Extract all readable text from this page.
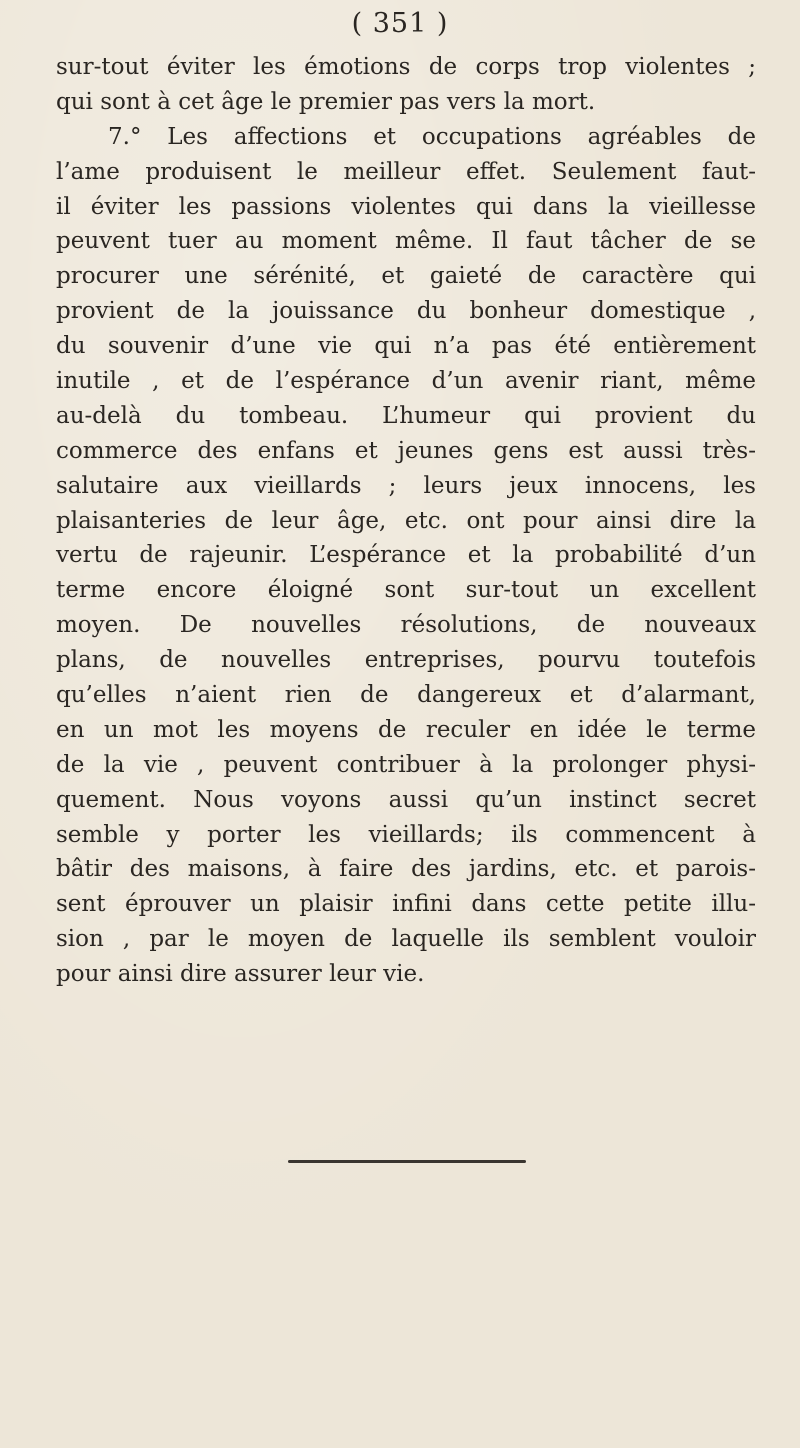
( 351 )
sur-tout éviter les émotions de corps trop violentes ;
qui sont à cet âge le premier pas vers la mort.
7.° Les affections et occupations agréables de
l’ame produisent le meilleur effet. Seulement faut-
il éviter les passions violentes qui dans la vieillesse
peuvent tuer au moment même. Il faut tâcher de se
procurer une sérénité, et gaieté de caractère qui
provient de la jouissance du bonheur domestique ,
du souvenir d’une vie qui n’a pas été entièrement
inutile , et de l’espérance d’un avenir riant, même
au-delà du tombeau. L’humeur qui provient du
commerce des enfans et jeunes gens est aussi très-
salutaire aux vieillards ; leurs jeux innocens, les
plaisanteries de leur âge, etc. ont pour ainsi dire la
vertu de rajeunir. L’espérance et la probabilité d’un
terme encore éloigné sont sur-tout un excellent
moyen. De nouvelles résolutions, de nouveaux
plans, de nouvelles entreprises, pourvu toutefois
qu’elles n’aient rien de dangereux et d’alarmant,
en un mot les moyens de reculer en idée le terme
de la vie , peuvent contribuer à la prolonger physi-
quement. Nous voyons aussi qu’un instinct secret
semble y porter les vieillards; ils commencent à
bâtir des maisons, à faire des jardins, etc. et parois-
sent éprouver un plaisir infini dans cette petite illu-
sion , par le moyen de laquelle ils semblent vouloir
pour ainsi dire assurer leur vie.
